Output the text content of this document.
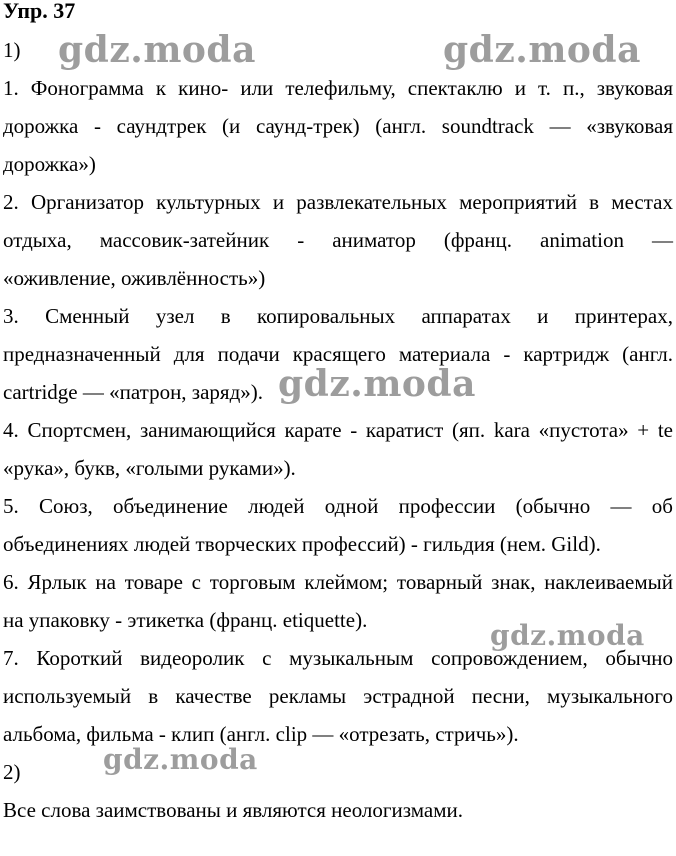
Упр. 37
1)
1. Фонограмма к кино- или телефильму, спектаклю и т. п., звуковая
дорожка - саундтрек (и саунд-трек) (англ. soundtrack — «звуковая
дорожка»)
2. Организатор культурных и развлекательных мероприятий в местах
отдыха, массовик-затейник - аниматор (франц. animation —
«оживление, оживлённость»)
3. Сменный узел в копировальных аппаратах и принтерах,
предназначенный для подачи красящего материала - картридж (англ.
cartridge — «патрон, заряд»).
4. Спортсмен, занимающийся карате - каратист (яп. kara «пустота» + te
«рука», букв, «голыми руками»).
5. Союз, объединение людей одной профессии (обычно — об
объединениях людей творческих профессий) - гильдия (нем. Gild).
6. Ярлык на товаре с торговым клеймом; товарный знак, наклеиваемый
на упаковку - этикетка (франц. etiquette).
7. Короткий видеоролик с музыкальным сопровождением, обычно
используемый в качестве рекламы эстрадной песни, музыкального
альбома, фильма - клип (англ. clip — «отрезать, стричь»).
2)
Все слова заимствованы и являются неологизмами.
gdz.moda	gdz.moda
gdz.moda
gdz.moda
gdz.moda
